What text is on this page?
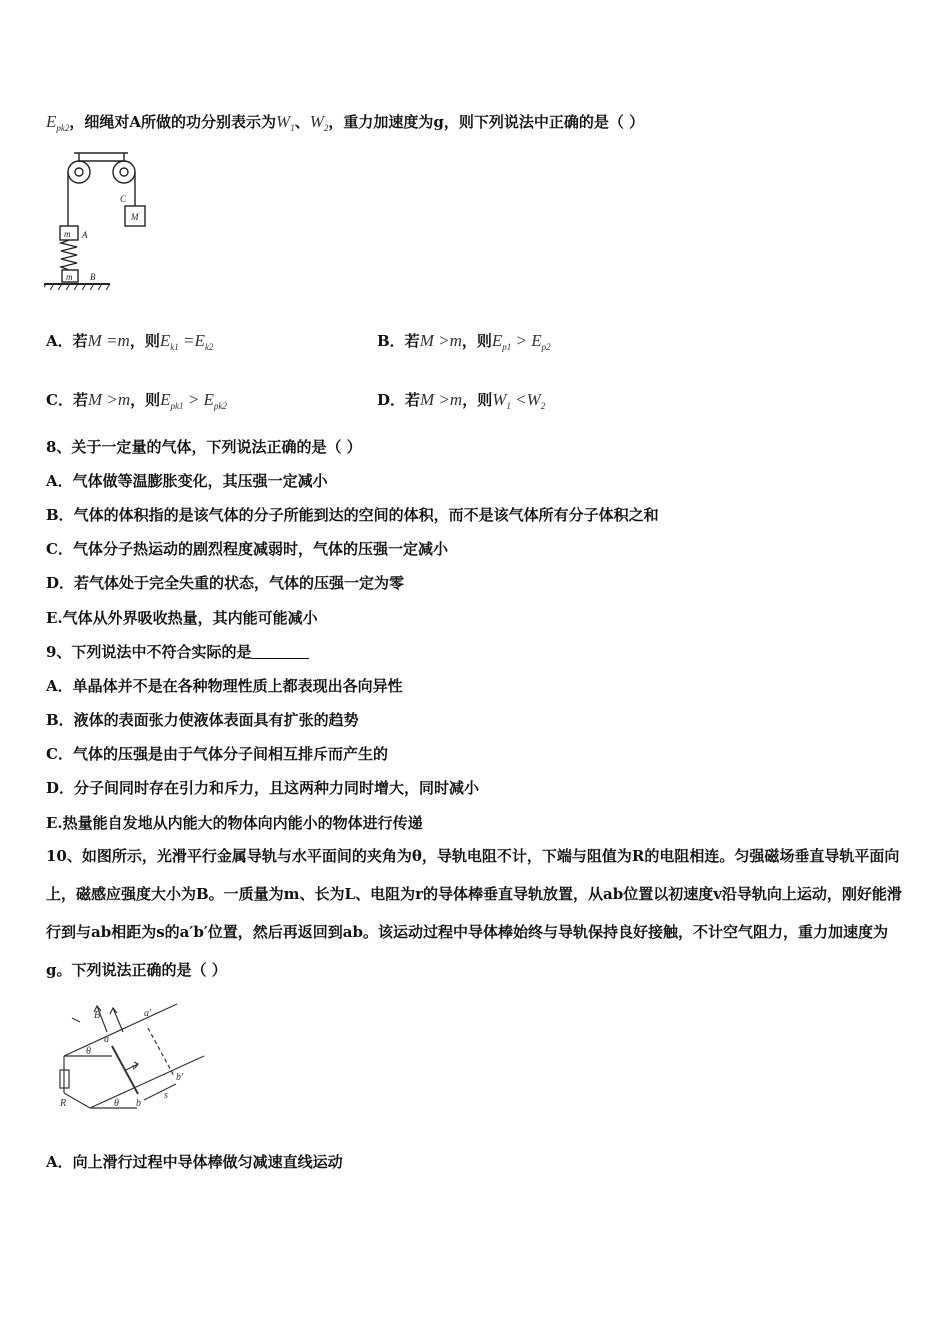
$E_{pk2}$，细绳对A所做的功分别表示为$W_1$、$W_2$，重力加速度为g，则下列说法中正确的是（ ）
m A
C
M
m B
A．若M =m，则$E_{k1} =E_{k2}$	B．若M >m，则$E_{p1} > E_{p2}$
C．若M >m，则$E_{pk1} > E_{pk2}$	D．若M >m，则$W_1 <W_2$
8、关于一定量的气体，下列说法正确的是（ ）
A．气体做等温膨胀变化，其压强一定减小
B．气体的体积指的是该气体的分子所能到达的空间的体积，而不是该气体所有分子体积之和
C．气体分子热运动的剧烈程度减弱时，气体的压强一定减小
D．若气体处于完全失重的状态，气体的压强一定为零
E.气体从外界吸收热量，其内能可能减小
9、下列说法中不符合实际的是
A．单晶体并不是在各种物理性质上都表现出各向异性
B．液体的表面张力使液体表面具有扩张的趋势
C．气体的压强是由于气体分子间相互排斥而产生的
D．分子间同时存在引力和斥力，且这两种力同时增大，同时减小
E.热量能自发地从内能大的物体向内能小的物体进行传递
10、如图所示，光滑平行金属导轨与水平面间的夹角为θ，导轨电阻不计，下端与阻值为R的电阻相连。匀强磁场垂直导轨平面向上，磁感应强度大小为B。一质量为m、长为L、电阻为r的导体棒垂直导轨放置，从ab位置以初速度v沿导轨向上运动，刚好能滑行到与ab相距为s的a′b′位置，然后再返回到ab。该运动过程中导体棒始终与导轨保持良好接触，不计空气阻力，重力加速度为g。下列说法正确的是（ ）
B
a
a'
θ
v
R	θ b
b'
s
A．向上滑行过程中导体棒做匀减速直线运动
